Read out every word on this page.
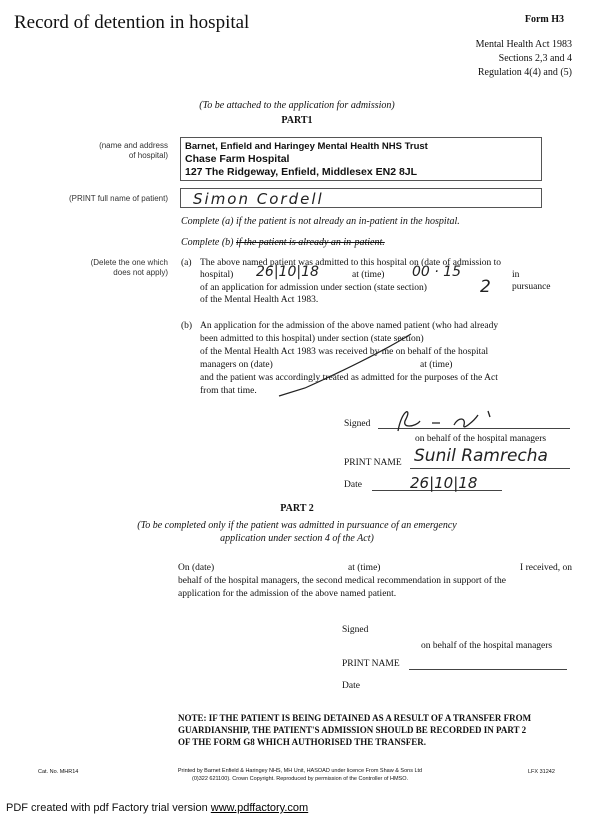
Record of detention in hospital	Form H3
Mental Health Act 1983
Sections 2,3 and 4
Regulation 4(4) and (5)
(To be attached to the application for admission)
PART1
(name and address
of hospital)
Barnet, Enfield and Haringey Mental Health NHS Trust
Chase Farm Hospital
127 The Ridgeway, Enfield, Middlesex EN2 8JL
(PRINT full name of patient) Simon Cordell
Complete (a) if the patient is not already an in-patient in the hospital.
Complete (b) if the patient is already an in-patient.
(Delete the one which
does not apply)
(a) The above named patient was admitted to this hospital on (date of admission to
hospital) 26|10|18	at (time) 00 · 15	in pursuance
of an application for admission under section (state section)	2
of the Mental Health Act 1983.
(b) An application for the admission of the above named patient (who had already
been admitted to this hospital) under section (state section)
of the Mental Health Act 1983 was received by me on behalf of the hospital
managers on (date)	at (time)
and the patient was accordingly treated as admitted for the purposes of the Act
from that time.
Signed
on behalf of the hospital managers
PRINT NAME Sunil Ramrecha
Date	26|10|18
PART 2
(To be completed only if the patient was admitted in pursuance of an emergency
application under section 4 of the Act)
On (date)	at (time)	I received, on
behalf of the hospital managers, the second medical recommendation in support of the
application for the admission of the above named patient.
Signed
on behalf of the hospital managers
PRINT NAME
Date
NOTE: IF THE PATIENT IS BEING DETAINED AS A RESULT OF A TRANSFER FROM
GUARDIANSHIP, THE PATIENT'S ADMISSION SHOULD BE RECORDED IN PART 2
OF THE FORM G8 WHICH AUTHORISED THE TRANSFER.
Cat. No. MHR14	Printed by Barnet Enfield & Haringey NHS, MH Unit, HASOAD under licence From Shaw & Sons Ltd
(0)322 621100). Crown Copyright. Reproduced by permission of the Controller of HMSO.
LFX 31242
PDF created with pdf Factory trial version www.pdffactory.com
